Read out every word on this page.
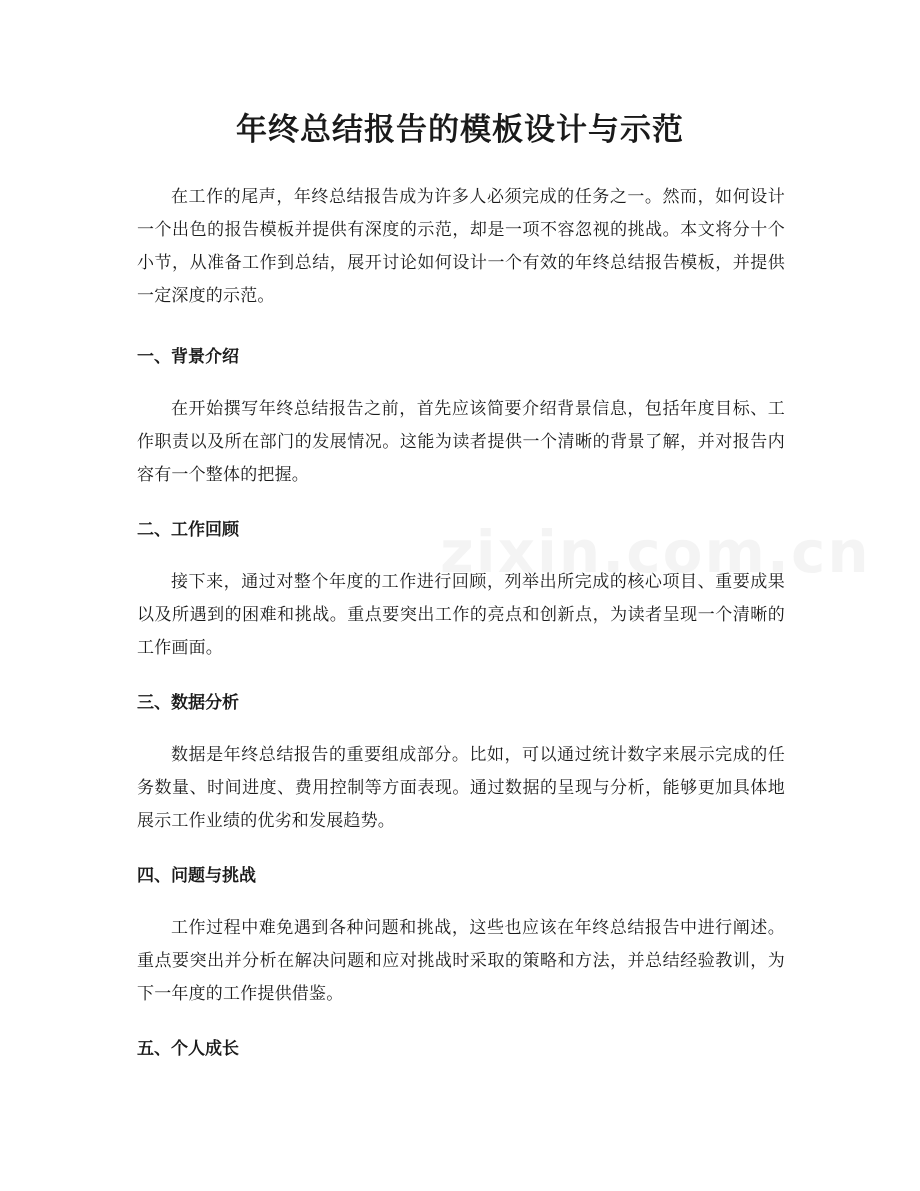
年终总结报告的模板设计与示范

在工作的尾声，年终总结报告成为许多人必须完成的任务之一。然而，如何设计一个出色的报告模板并提供有深度的示范，却是一项不容忽视的挑战。本文将分十个小节，从准备工作到总结，展开讨论如何设计一个有效的年终总结报告模板，并提供一定深度的示范。

一、背景介绍

在开始撰写年终总结报告之前，首先应该简要介绍背景信息，包括年度目标、工作职责以及所在部门的发展情况。这能为读者提供一个清晰的背景了解，并对报告内容有一个整体的把握。

二、工作回顾

接下来，通过对整个年度的工作进行回顾，列举出所完成的核心项目、重要成果以及所遇到的困难和挑战。重点要突出工作的亮点和创新点，为读者呈现一个清晰的工作画面。

三、数据分析

数据是年终总结报告的重要组成部分。比如，可以通过统计数字来展示完成的任务数量、时间进度、费用控制等方面表现。通过数据的呈现与分析，能够更加具体地展示工作业绩的优劣和发展趋势。

四、问题与挑战

工作过程中难免遇到各种问题和挑战，这些也应该在年终总结报告中进行阐述。重点要突出并分析在解决问题和应对挑战时采取的策略和方法，并总结经验教训，为下一年度的工作提供借鉴。

五、个人成长
